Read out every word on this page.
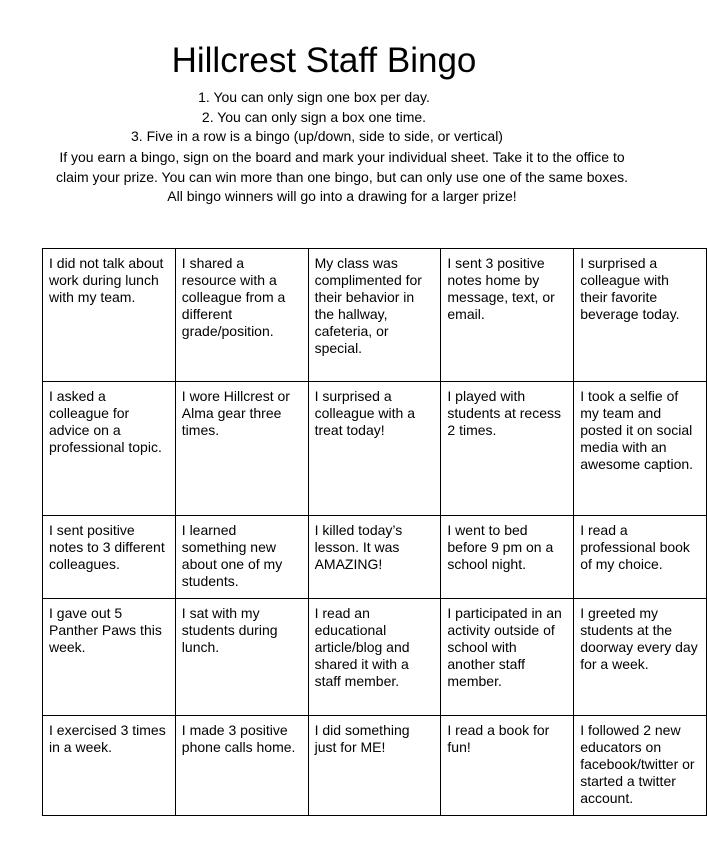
Hillcrest Staff Bingo
1. You can only sign one box per day.
2. You can only sign a box one time.
3. Five in a row is a bingo (up/down, side to side, or vertical)
If you earn a bingo, sign on the board and mark your individual sheet. Take it to the office to
claim your prize. You can win more than one bingo, but can only use one of the same boxes.
All bingo winners will go into a drawing for a larger prize!
I did not talk about work during lunch with my team.	I shared a resource with a colleague from a different grade/position.	My class was complimented for their behavior in the hallway, cafeteria, or special.	I sent 3 positive notes home by message, text, or email.	I surprised a colleague with their favorite beverage today.
I asked a colleague for advice on a professional topic.	I wore Hillcrest or Alma gear three times.	I surprised a colleague with a treat today!	I played with students at recess 2 times.	I took a selfie of my team and posted it on social media with an awesome caption.
I sent positive notes to 3 different colleagues.	I learned something new about one of my students.	I killed today’s lesson. It was AMAZING!	I went to bed before 9 pm on a school night.	I read a professional book of my choice.
I gave out 5 Panther Paws this week.	I sat with my students during lunch.	I read an educational article/blog and shared it with a staff member.	I participated in an activity outside of school with another staff member.	I greeted my students at the doorway every day for a week.
I exercised 3 times in a week.	I made 3 positive phone calls home.	I did something just for ME!	I read a book for fun!	I followed 2 new educators on facebook/twitter or started a twitter account.
